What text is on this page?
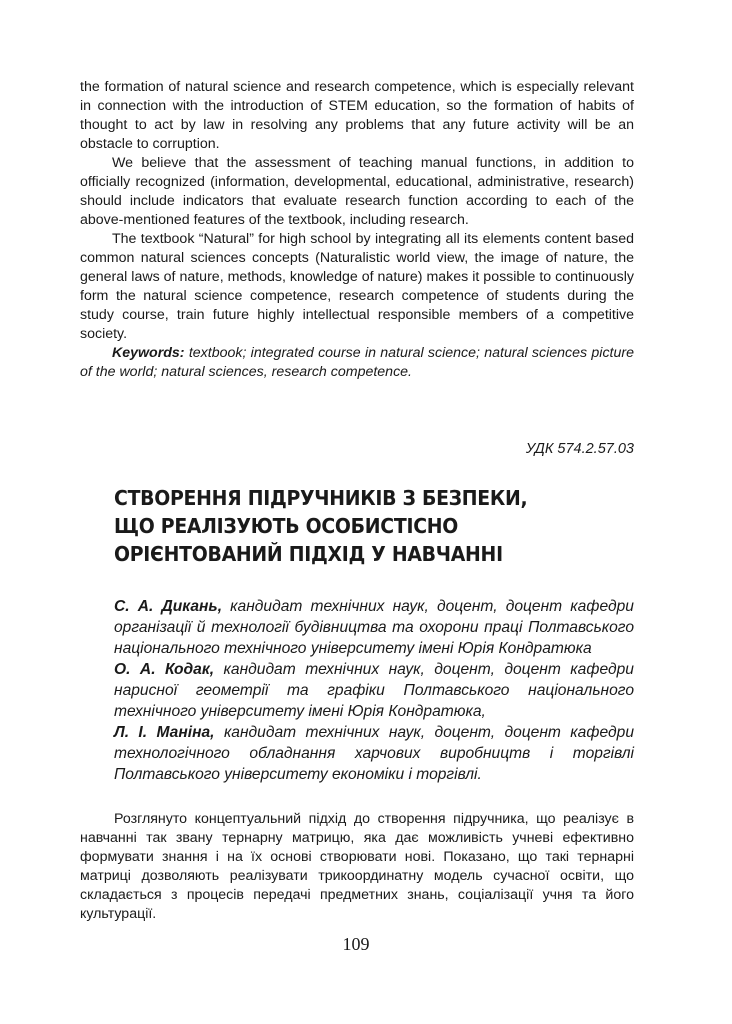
the formation of natural science and research competence, which is especially relevant in connection with the introduction of STEM education, so the formation of habits of thought to act by law in resolving any problems that any future activity will be an obstacle to corruption.

We believe that the assessment of teaching manual functions, in addition to officially recognized (information, developmental, educational, administrative, research) should include indicators that evaluate research function according to each of the above-mentioned features of the textbook, including research.

The textbook “Natural” for high school by integrating all its elements content based common natural sciences concepts (Naturalistic world view, the image of nature, the general laws of nature, methods, knowledge of nature) makes it possible to continuously form the natural science competence, research competence of students during the study course, train future highly intellectual responsible members of a competitive society.

Keywords: textbook; integrated course in natural science; natural sciences picture of the world; natural sciences, research competence.

УДК 574.2.57.03
СТВОРЕННЯ ПІДРУЧНИКІВ З БЕЗПЕКИ,
ЩО РЕАЛІЗУЮТЬ ОСОБИСТІСНО
ОРІЄНТОВАНИЙ ПІДХІД У НАВЧАННІ

С. А. Дикань, кандидат технічних наук, доцент, доцент кафедри організації й технології будівництва та охорони праці Полтавського національного технічного університету імені Юрія Кондратюка

О. А. Кодак, кандидат технічних наук, доцент, доцент кафедри нарисної геометрії та графіки Полтавського національного технічного університету імені Юрія Кондратюка,

Л. І. Маніна, кандидат технічних наук, доцент, доцент кафедри технологічного обладнання харчових виробництв і торгівлі Полтавського університету економіки і торгівлі.

Розглянуто концептуальний підхід до створення підручника, що реалізує в навчанні так звану тернарну матрицю, яка дає можливість учневі ефективно формувати знання і на їх основі створювати нові. Показано, що такі тернарні матриці дозволяють реалізувати трикоординатну модель сучасної освіти, що складається з процесів передачі предметних знань, соціалізації учня та його культурації.

109
